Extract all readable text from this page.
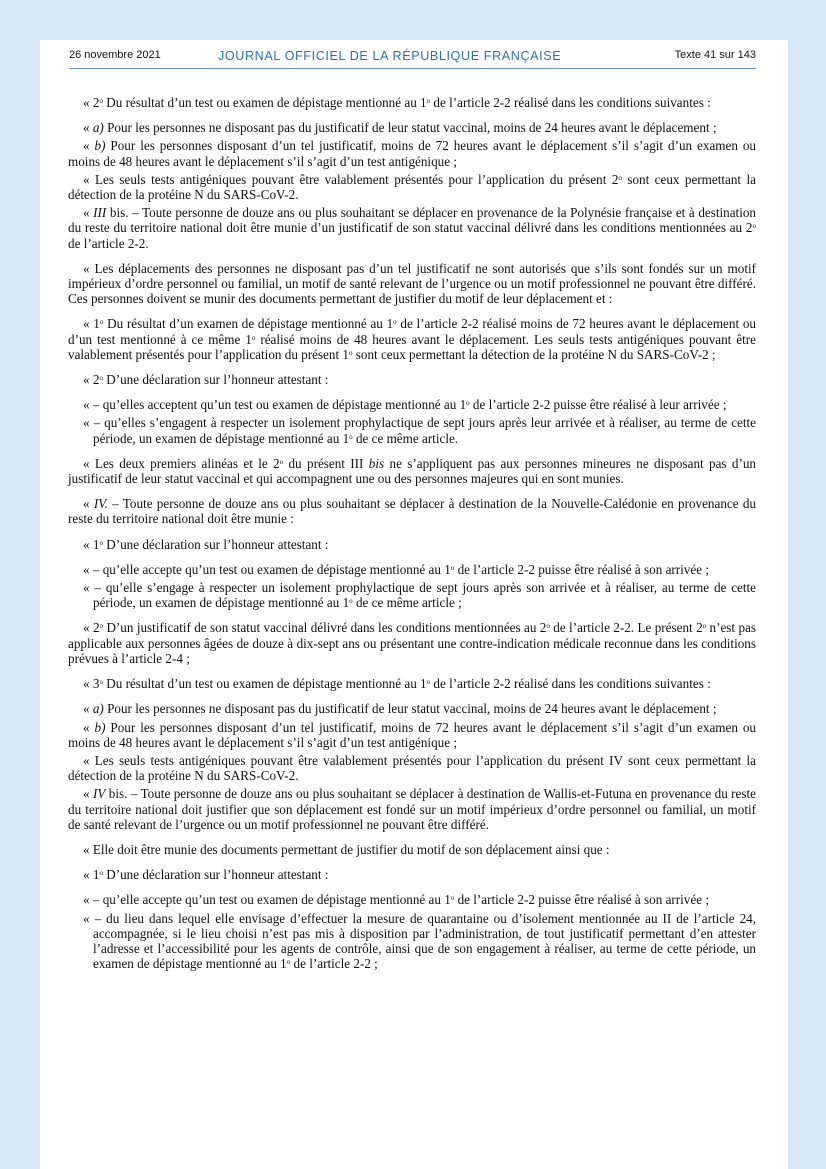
26 novembre 2021	JOURNAL OFFICIEL DE LA RÉPUBLIQUE FRANÇAISE	Texte 41 sur 143
« 2$^o$ Du résultat d’un test ou examen de dépistage mentionné au 1$^o$ de l’article 2-2 réalisé dans les conditions suivantes :
« a) Pour les personnes ne disposant pas du justificatif de leur statut vaccinal, moins de 24 heures avant le déplacement ;
« b) Pour les personnes disposant d’un tel justificatif, moins de 72 heures avant le déplacement s’il s’agit d’un examen ou moins de 48 heures avant le déplacement s’il s’agit d’un test antigénique ;
« Les seuls tests antigéniques pouvant être valablement présentés pour l’application du présent 2$^o$ sont ceux permettant la détection de la protéine N du SARS-CoV-2.
« III bis. – Toute personne de douze ans ou plus souhaitant se déplacer en provenance de la Polynésie française et à destination du reste du territoire national doit être munie d’un justificatif de son statut vaccinal délivré dans les conditions mentionnées au 2$^o$ de l’article 2-2.
« Les déplacements des personnes ne disposant pas d’un tel justificatif ne sont autorisés que s’ils sont fondés sur un motif impérieux d’ordre personnel ou familial, un motif de santé relevant de l’urgence ou un motif professionnel ne pouvant être différé. Ces personnes doivent se munir des documents permettant de justifier du motif de leur déplacement et :
« 1$^o$ Du résultat d’un examen de dépistage mentionné au 1$^o$ de l’article 2-2 réalisé moins de 72 heures avant le déplacement ou d’un test mentionné à ce même 1$^o$ réalisé moins de 48 heures avant le déplacement. Les seuls tests antigéniques pouvant être valablement présentés pour l’application du présent 1$^o$ sont ceux permettant la détection de la protéine N du SARS-CoV-2 ;
« 2$^o$ D’une déclaration sur l’honneur attestant :
« – qu’elles acceptent qu’un test ou examen de dépistage mentionné au 1$^o$ de l’article 2-2 puisse être réalisé à leur arrivée ;
« – qu’elles s’engagent à respecter un isolement prophylactique de sept jours après leur arrivée et à réaliser, au terme de cette période, un examen de dépistage mentionné au 1$^o$ de ce même article.
« Les deux premiers alinéas et le 2$^o$ du présent III bis ne s’appliquent pas aux personnes mineures ne disposant pas d’un justificatif de leur statut vaccinal et qui accompagnent une ou des personnes majeures qui en sont munies.
« IV. – Toute personne de douze ans ou plus souhaitant se déplacer à destination de la Nouvelle-Calédonie en provenance du reste du territoire national doit être munie :
« 1$^o$ D’une déclaration sur l’honneur attestant :
« – qu’elle accepte qu’un test ou examen de dépistage mentionné au 1$^o$ de l’article 2-2 puisse être réalisé à son arrivée ;
« – qu’elle s’engage à respecter un isolement prophylactique de sept jours après son arrivée et à réaliser, au terme de cette période, un examen de dépistage mentionné au 1$^o$ de ce même article ;
« 2$^o$ D’un justificatif de son statut vaccinal délivré dans les conditions mentionnées au 2$^o$ de l’article 2-2. Le présent 2$^o$ n’est pas applicable aux personnes âgées de douze à dix-sept ans ou présentant une contre-indication médicale reconnue dans les conditions prévues à l’article 2-4 ;
« 3$^o$ Du résultat d’un test ou examen de dépistage mentionné au 1$^o$ de l’article 2-2 réalisé dans les conditions suivantes :
« a) Pour les personnes ne disposant pas du justificatif de leur statut vaccinal, moins de 24 heures avant le déplacement ;
« b) Pour les personnes disposant d’un tel justificatif, moins de 72 heures avant le déplacement s’il s’agit d’un examen ou moins de 48 heures avant le déplacement s’il s’agit d’un test antigénique ;
« Les seuls tests antigéniques pouvant être valablement présentés pour l’application du présent IV sont ceux permettant la détection de la protéine N du SARS-CoV-2.
« IV bis. – Toute personne de douze ans ou plus souhaitant se déplacer à destination de Wallis-et-Futuna en provenance du reste du territoire national doit justifier que son déplacement est fondé sur un motif impérieux d’ordre personnel ou familial, un motif de santé relevant de l’urgence ou un motif professionnel ne pouvant être différé.
« Elle doit être munie des documents permettant de justifier du motif de son déplacement ainsi que :
« 1$^o$ D’une déclaration sur l’honneur attestant :
« – qu’elle accepte qu’un test ou examen de dépistage mentionné au 1$^o$ de l’article 2-2 puisse être réalisé à son arrivée ;
« – du lieu dans lequel elle envisage d’effectuer la mesure de quarantaine ou d’isolement mentionnée au II de l’article 24, accompagnée, si le lieu choisi n’est pas mis à disposition par l’administration, de tout justificatif permettant d’en attester l’adresse et l’accessibilité pour les agents de contrôle, ainsi que de son engagement à réaliser, au terme de cette période, un examen de dépistage mentionné au 1$^o$ de l’article 2-2 ;
